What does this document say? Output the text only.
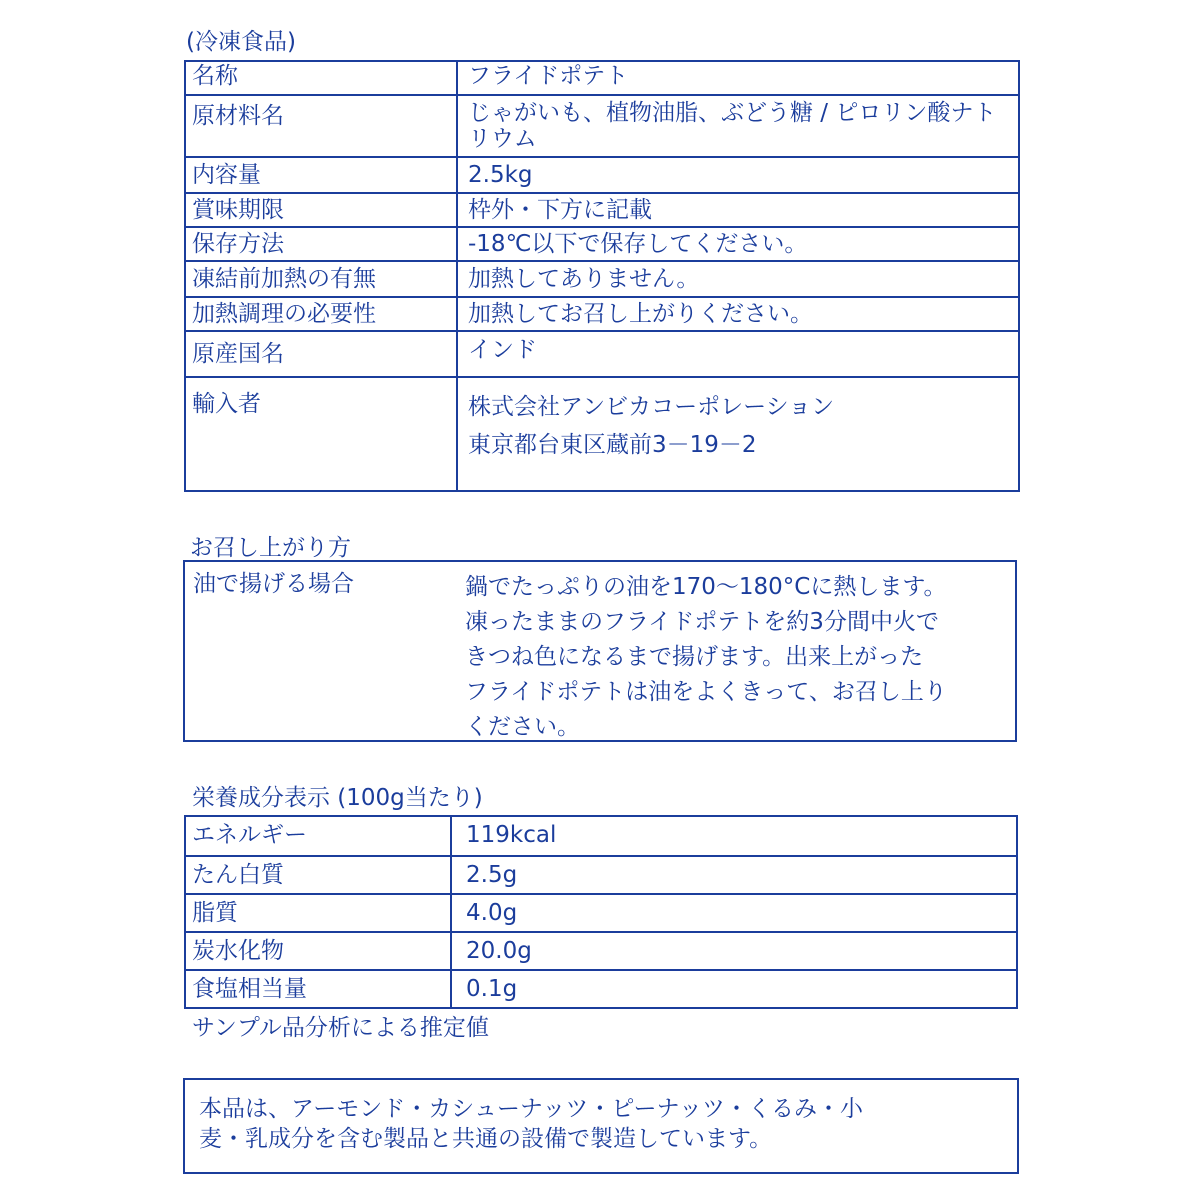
(冷凍食品)
名称	フライドポテト

原材料名	じゃがいも、植物油脂、ぶどう糖 / ピロリン酸ナト
リウム

内容量	2.5kg

賞味期限	枠外・下方に記載

保存方法	-18℃以下で保存してください。

凍結前加熱の有無	加熱してありません。

加熱調理の必要性	加熱してお召し上がりください。

原産国名	インド

輸入者	株式会社アンビカコーポレーション
東京都台東区蔵前3－19－2
お召し上がり方
油で揚げる場合	鍋でたっぷりの油を170～180°Cに熱します。
凍ったままのフライドポテトを約3分間中火で
きつね色になるまで揚げます。出来上がった
フライドポテトは油をよくきって、お召し上り
ください。
栄養成分表示 (100g当たり)
エネルギー	119kcal
たん白質	2.5g
脂質	4.0g
炭水化物	20.0g
食塩相当量	0.1g
サンプル品分析による推定値
本品は、アーモンド・カシューナッツ・ピーナッツ・くるみ・小
麦・乳成分を含む製品と共通の設備で製造しています。
